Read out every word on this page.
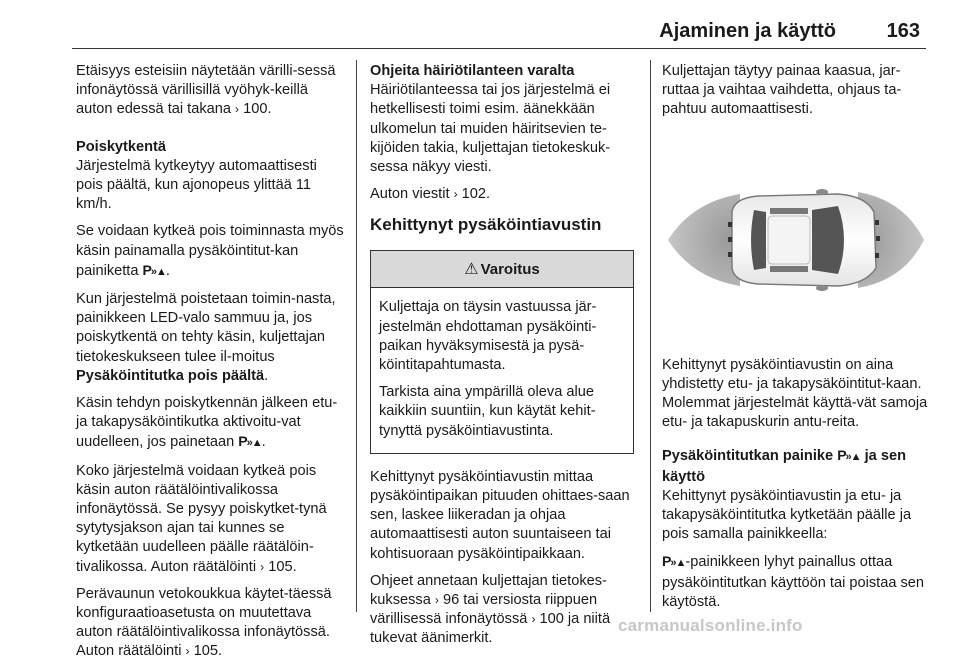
Ajaminen ja käyttö	163

Etäisyys esteisiin näytetään värilli-sessä infonäytössä värillisillä vyöhyk-keillä auton edessä tai takana › 100.

Poiskytkentä

Järjestelmä kytkeytyy automaattisesti pois päältä, kun ajonopeus ylittää 11 km/h.

Se voidaan kytkeä pois toiminnasta myös käsin painamalla pysäköintitut-kan painiketta P»▲.

Kun järjestelmä poistetaan toimin-nasta, painikkeen LED-valo sammuu ja, jos poiskytkentä on tehty käsin, kuljettajan tietokeskukseen tulee il-moitus Pysäköintitutka pois päältä.

Käsin tehdyn poiskytkennän jälkeen etu- ja takapysäköintikutka aktivoitu-vat uudelleen, jos painetaan P»▲.

Koko järjestelmä voidaan kytkeä pois käsin auton räätälöintivalikossa infonäytössä. Se pysyy poiskytket-tynä sytytysjakson ajan tai kunnes se kytketään uudelleen päälle räätälöin-tivalikossa. Auton räätälöinti › 105.

Perävaunun vetokoukkua käytet-täessä konfiguraatioasetusta on muutettava auton räätälöintivalikossa infonäytössä. Auton räätälöinti › 105.

Ohjeita häiriötilanteen varalta

Häiriötilanteessa tai jos järjestelmä ei hetkellisesti toimi esim. äänekkään ulkomelun tai muiden häiritsevien te-kijöiden takia, kuljettajan tietokeskuk-sessa näkyy viesti.

Auton viestit › 102.

Kehittynyt pysäköintiavustin
⚠ Varoitus

Kuljettaja on täysin vastuussa jär-jestelmän ehdottaman pysäköinti-paikan hyväksymisestä ja pysä-köintitapahtumasta.

Tarkista aina ympärillä oleva alue kaikkiin suuntiin, kun käytät kehit-tynyttä pysäköintiavustinta.

Kehittynyt pysäköintiavustin mittaa pysäköintipaikan pituuden ohittaes-saan sen, laskee liikeradan ja ohjaa automaattisesti auton suuntaiseen tai kohtisuoraan pysäköintipaikkaan.

Ohjeet annetaan kuljettajan tietokes-kuksessa › 96 tai versiosta riippuen värillisessä infonäytössä › 100 ja niitä tukevat äänimerkit.

Kuljettajan täytyy painaa kaasua, jar-ruttaa ja vaihtaa vaihdetta, ohjaus ta-pahtuu automaattisesti.

Kehittynyt pysäköintiavustin on aina yhdistetty etu- ja takapysäköintitut-kaan. Molemmat järjestelmät käyttä-vät samoja etu- ja takapuskurin antu-reita.

Pysäköintitutkan painike P»▲ ja sen käyttö

Kehittynyt pysäköintiavustin ja etu- ja takapysäköintitutka kytketään päälle ja pois samalla painikkeella:

P»▲-painikkeen lyhyt painallus ottaa pysäköintitutkan käyttöön tai poistaa sen käytöstä.

carmanualsonline.info
